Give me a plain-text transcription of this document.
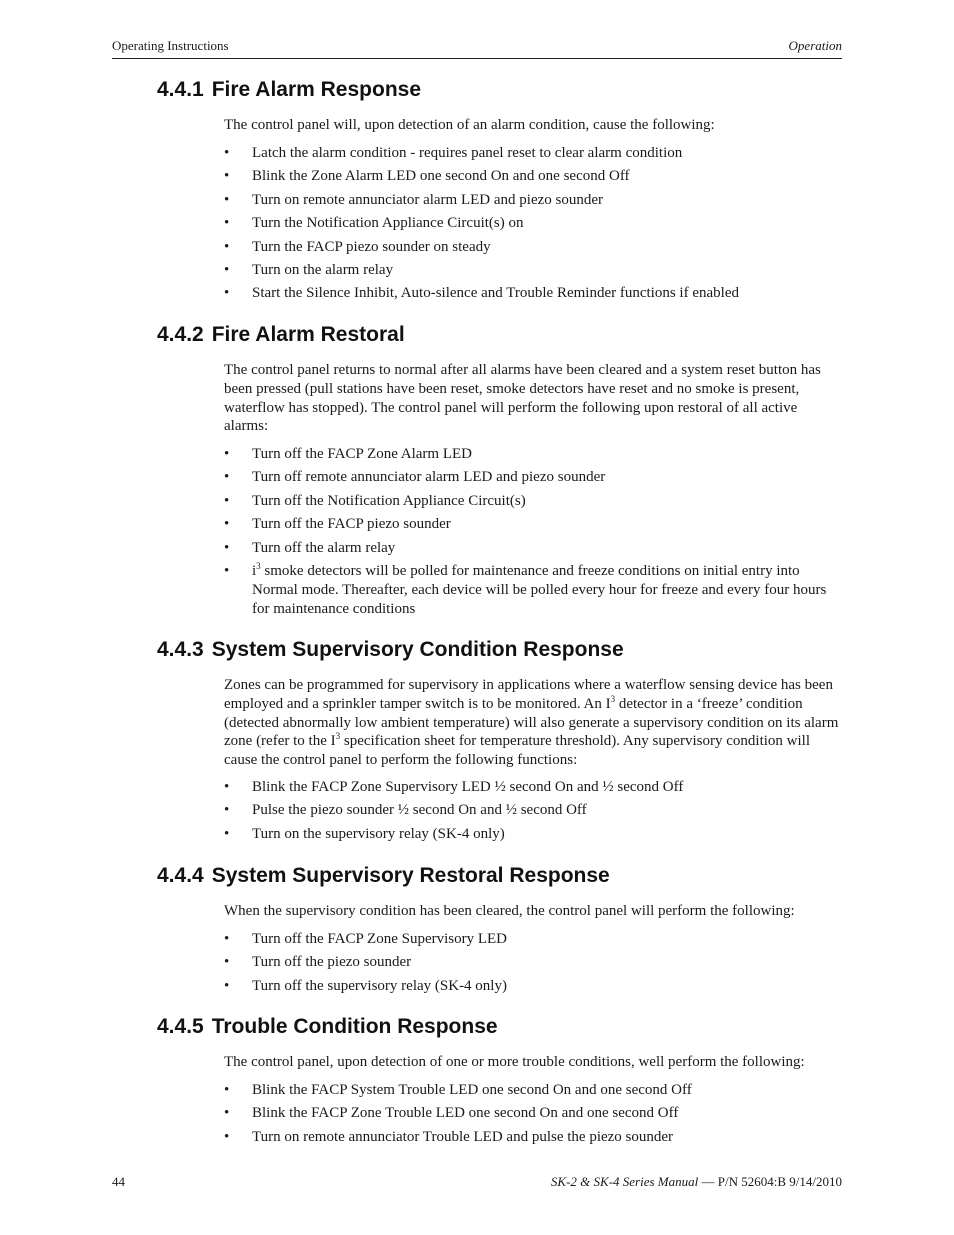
Operating Instructions	Operation
4.4.1 Fire Alarm Response

The control panel will, upon detection of an alarm condition, cause the following:

• Latch the alarm condition - requires panel reset to clear alarm condition
• Blink the Zone Alarm LED one second On and one second Off
• Turn on remote annunciator alarm LED and piezo sounder
• Turn the Notification Appliance Circuit(s) on
• Turn the FACP piezo sounder on steady
• Turn on the alarm relay
• Start the Silence Inhibit, Auto-silence and Trouble Reminder functions if enabled
4.4.2 Fire Alarm Restoral

The control panel returns to normal after all alarms have been cleared and a system reset button has been pressed (pull stations have been reset, smoke detectors have reset and no smoke is present, waterflow has stopped). The control panel will perform the following upon restoral of all active alarms:

• Turn off the FACP Zone Alarm LED
• Turn off remote annunciator alarm LED and piezo sounder
• Turn off the Notification Appliance Circuit(s)
• Turn off the FACP piezo sounder
• Turn off the alarm relay
• $i^3$ smoke detectors will be polled for maintenance and freeze conditions on initial entry into Normal mode. Thereafter, each device will be polled every hour for freeze and every four hours for maintenance conditions
4.4.3 System Supervisory Condition Response

Zones can be programmed for supervisory in applications where a waterflow sensing device has been employed and a sprinkler tamper switch is to be monitored. An $I^3$ detector in a ‘freeze’ condition (detected abnormally low ambient temperature) will also generate a supervisory condition on its alarm zone (refer to the $I^3$ specification sheet for temperature threshold). Any supervisory condition will cause the control panel to perform the following functions:

• Blink the FACP Zone Supervisory LED ½ second On and ½ second Off
• Pulse the piezo sounder ½ second On and ½ second Off
• Turn on the supervisory relay (SK-4 only)
4.4.4 System Supervisory Restoral Response

When the supervisory condition has been cleared, the control panel will perform the following:

• Turn off the FACP Zone Supervisory LED
• Turn off the piezo sounder
• Turn off the supervisory relay (SK-4 only)
4.4.5 Trouble Condition Response

The control panel, upon detection of one or more trouble conditions, well perform the following:

• Blink the FACP System Trouble LED one second On and one second Off
• Blink the FACP Zone Trouble LED one second On and one second Off
• Turn on remote annunciator Trouble LED and pulse the piezo sounder
44	SK-2 & SK-4 Series Manual — P/N 52604:B 9/14/2010
